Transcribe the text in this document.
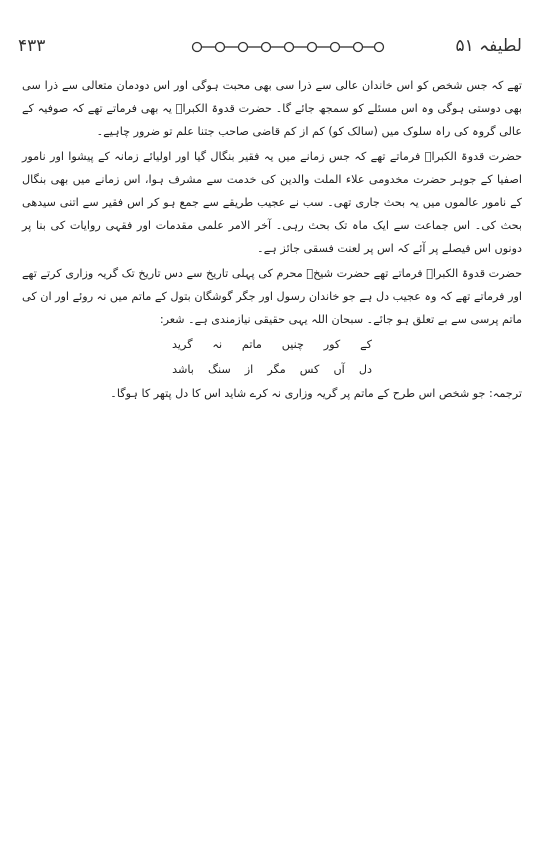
لطیفہ ۵۱
۴۳۳

تھے کہ جس شخص کو اس خاندان عالی سے ذرا سی بھی محبت ہوگی اور اس دودمان متعالی سے ذرا سی بھی دوستی ہوگی وہ اس مسئلے کو سمجھ جائے گا۔ حضرت قدوۃ الکبراؒ یہ بھی فرماتے تھے کہ صوفیہ کے عالی گروہ کی راہ سلوک میں (سالک کو) کم از کم قاضی صاحب جتنا علم تو ضرور چاہیے۔

حضرت قدوۃ الکبراؒ فرماتے تھے کہ جس زمانے میں یہ فقیر بنگال گیا اور اولیائے زمانہ کے پیشوا اور نامور اصفیا کے جوہر حضرت مخدومی علاء الملت والدین کی خدمت سے مشرف ہوا، اس زمانے میں بھی بنگال کے نامور عالموں میں یہ بحث جاری تھی۔ سب نے عجیب طریقے سے جمع ہو کر اس فقیر سے اتنی سیدھی بحث کی۔ اس جماعت سے ایک ماہ تک بحث رہی۔ آخر الامر علمی مقدمات اور فقہی روایات کی بنا پر دونوں اس فیصلے پر آئے کہ اس پر لعنت فسقی جائز ہے۔

حضرت قدوۃ الکبراؒ فرماتے تھے حضرت شیخؒ محرم کی پہلی تاریخ سے دس تاریخ تک گریہ وزاری کرتے تھے اور فرماتے تھے کہ وہ عجیب دل ہے جو خاندان رسول اور جگر گوشگان بتول کے ماتم میں نہ روئے اور ان کی ماتم پرسی سے بے تعلق ہو جائے۔ سبحان اللہ یہی حقیقی نیازمندی ہے۔ شعر:

کے
کور
چنیں
ماتم
نہ
گرید
دل
آں
کس
مگر
از
سنگ
باشد

ترجمہ: جو شخص اس طرح کے ماتم پر گریہ وزاری نہ کرے شاید اس کا دل پتھر کا ہوگا۔
